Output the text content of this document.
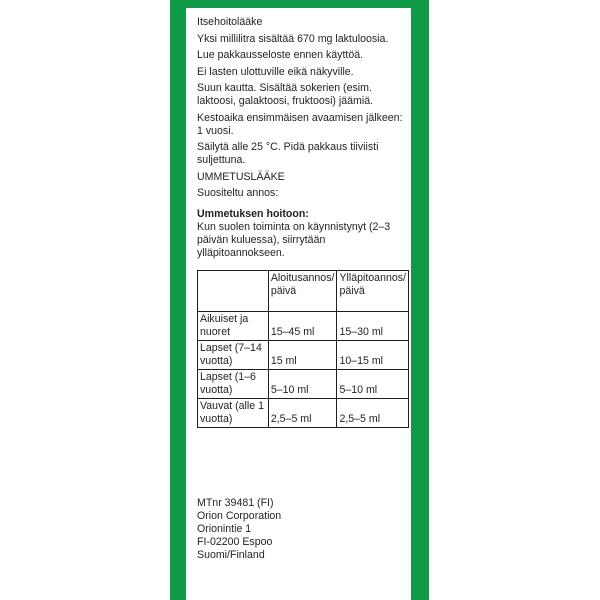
Itsehoitolääke

Yksi millilitra sisältää 670 mg laktuloosia.

Lue pakkausseloste ennen käyttöä.

Ei lasten ulottuville eikä näkyville.

Suun kautta. Sisältää sokerien (esim. laktoosi, galaktoosi, fruktoosi) jäämiä.

Kestoaika ensimmäisen avaamisen jälkeen: 1 vuosi.

Säilytä alle 25 °C. Pidä pakkaus tiiviisti suljettuna.

UMMETUSLÄÄKE

Suositeltu annos:

Ummetuksen hoitoon:

Kun suolen toiminta on käynnistynyt (2–3 päivän kuluessa), siirrytään ylläpitoannokseen.

	Aloitusannos/ päivä	Ylläpitoannos/ päivä
Aikuiset ja nuoret	15–45 ml	15–30 ml
Lapset (7–14 vuotta)	15 ml	10–15 ml
Lapset (1–6 vuotta)	5–10 ml	5–10 ml
Vauvat (alle 1 vuotta)	2,5–5 ml	2,5–5 ml
MTnr 39481 (FI)
Orion Corporation
Orionintie 1
FI-02200 Espoo
Suomi/Finland
